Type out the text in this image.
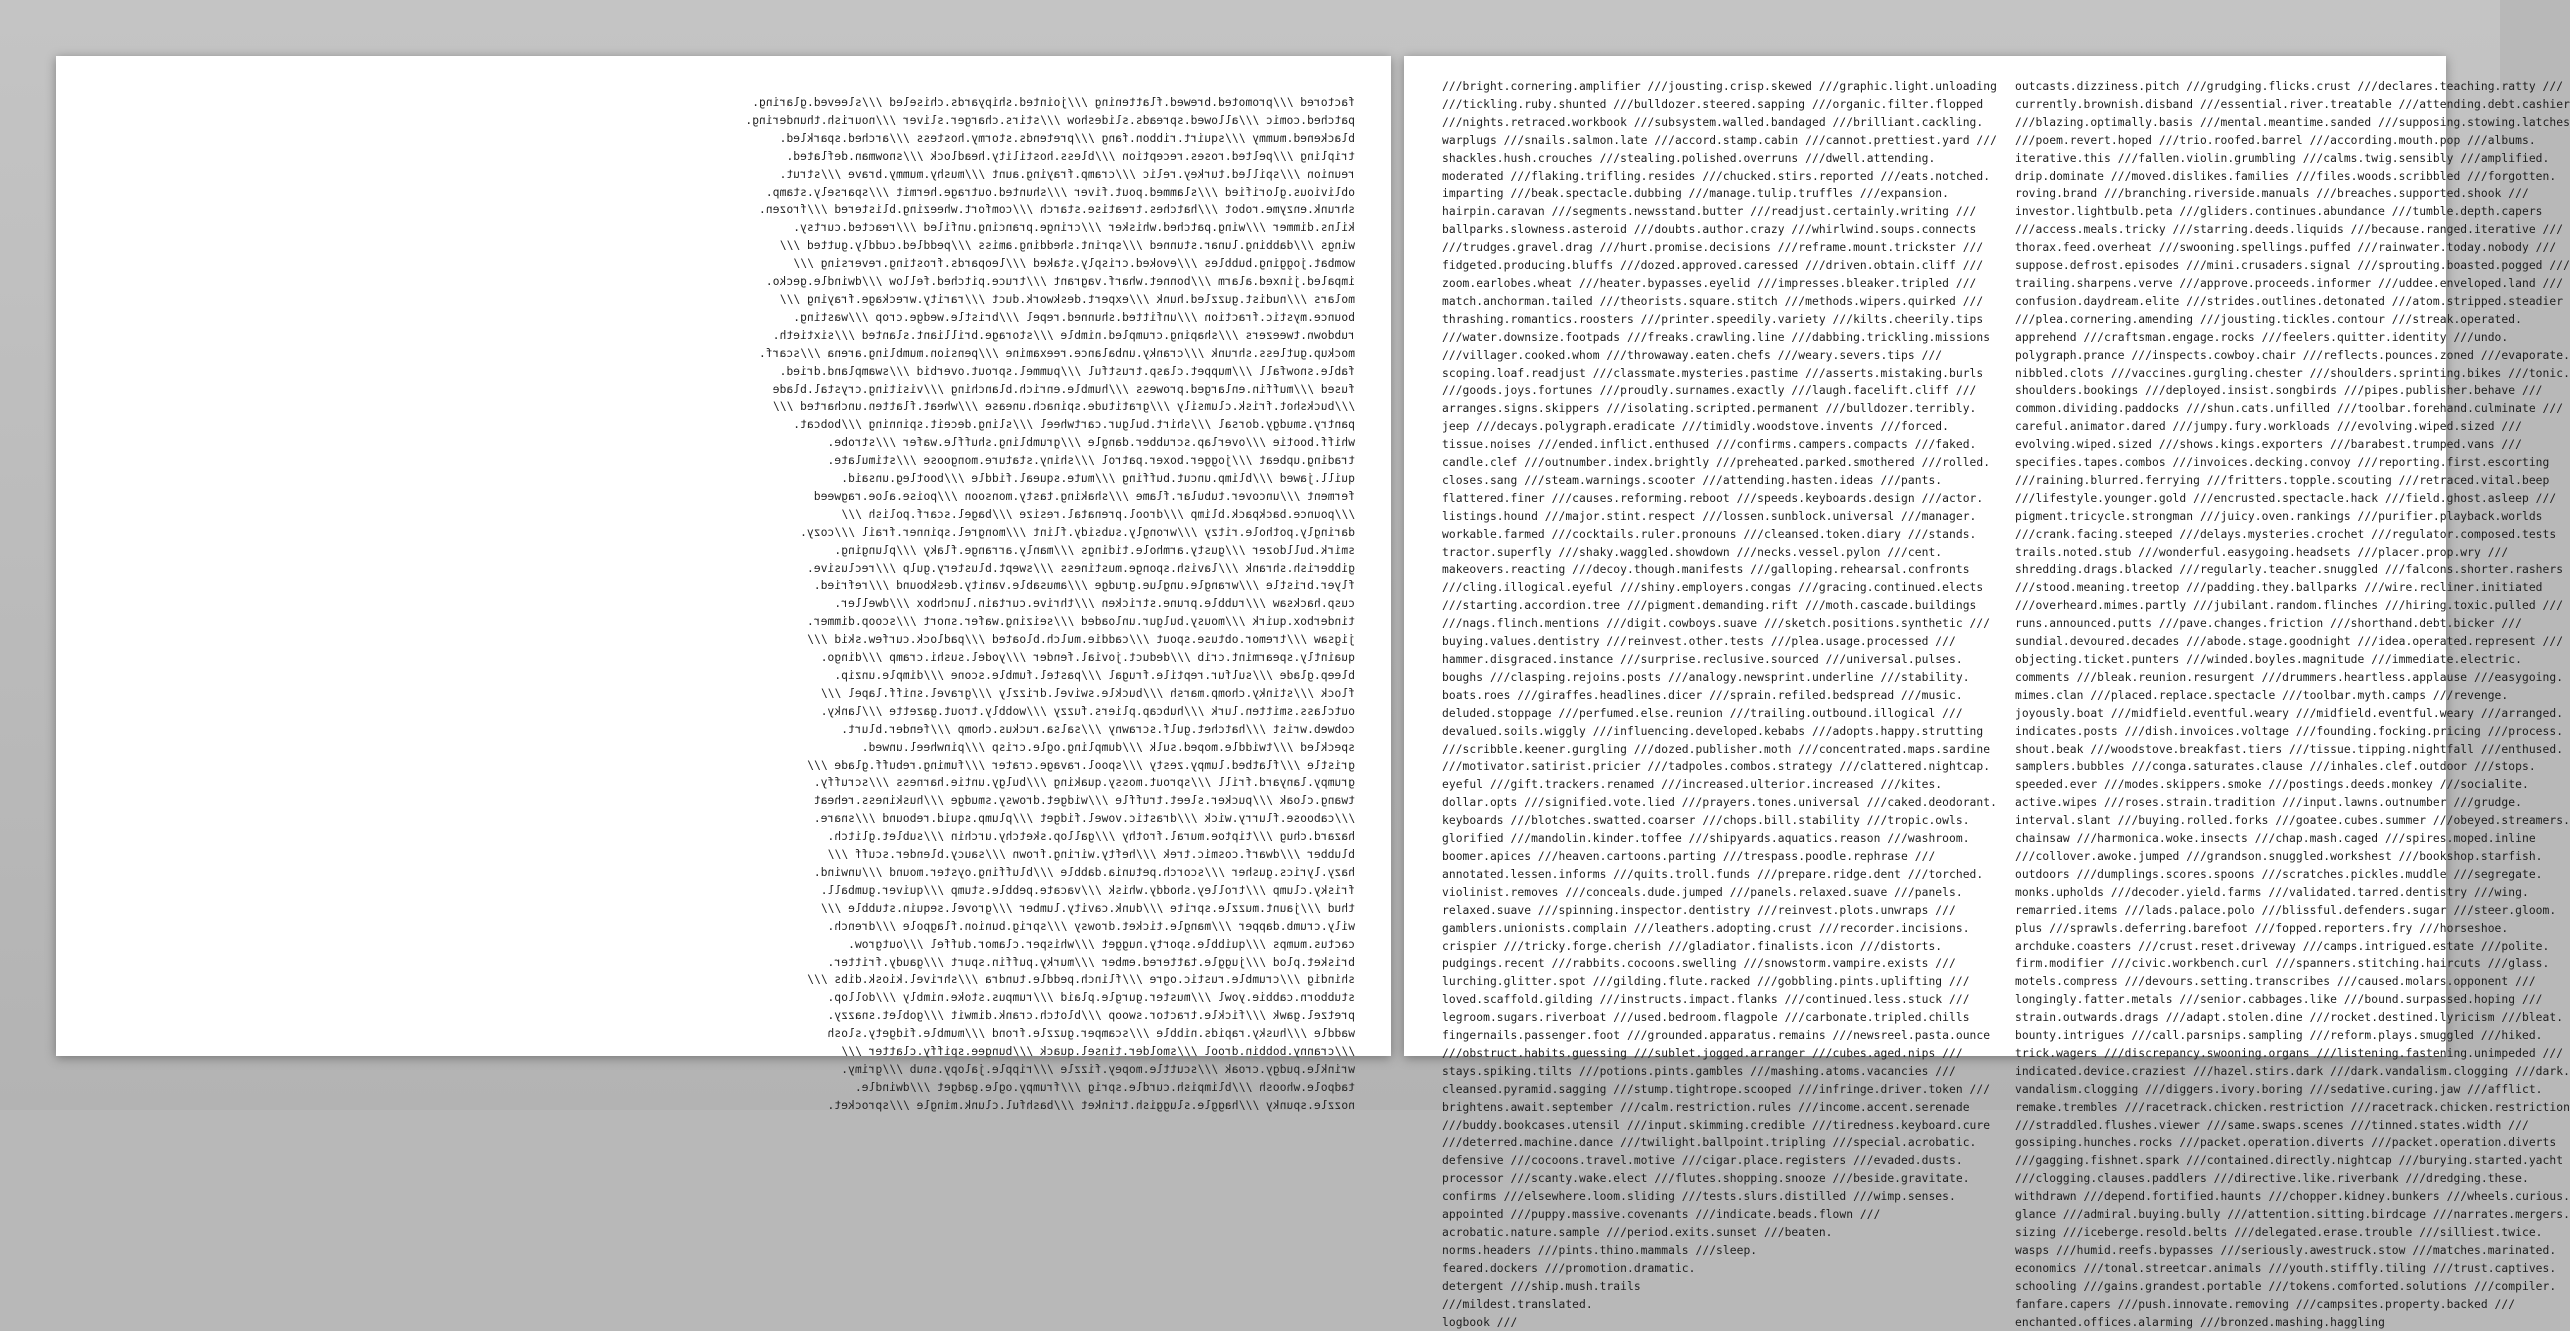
factored ///promoted.brewed.flattening ///jointed.shipyards.chiseled ///sleeved.glaring.
patched.comic ///allowed.spreads.slideshow ///stirs.charger.sliver ///nourish.thundering.
blackened.mummy ///squirt.ribbon.fang ///pretends.stormy.hostess ///arched.sparkled.
tripling ///pelted.roses.reception ///bless.hostility.headlock ///snowman.deflated.
reunion ///spilled.turkey.relic ///cramp.fraying.aunt ///mushy.mummy.brave ///strut.
oblivious.glorified ///slammed.pout.fiver ///shunted.outrage.hermit ///sparsely.stamp.
shrunk.enzyme.robot ///hatches.treatise.starch ///comfort.wheezing.blistered ///frozen.
kilns.dimmer ///wing.patched.whisker ///cringe.prancing.unfiled ///reacted.curtsy.
wings ///dabbing.lunar.stunned ///sprint.shedding.amiss ///peddled.cuddly.gutted ///
wombat.jogging.bubbles ///evoked.crisply.staked ///leopards.frosting.reversing ///
impaled.jinxed.alarm ///bonnet.wharf.vagrant ///truce.pitched.fellow ///dwindle.gecko.
molars ///nudist.guzzled.hunk ///expert.deskwork.duct ///rarity.wreckage.fraying ///
bounce.mystic.fraction ///unfitted.shunned.repel ///bristle.wedge.crop ///wasting.
rubdown.tweezers ///shaping.crumpled.nimble ///storage.brilliant.slanted ///sixtieth.
mockup.gutless.shrunk ///cranky.unbalance.reexamine ///pension.mumbling.arena ///scarf.
fable.snowfall ///muppet.clasp.trustful ///pummel.sprout.overbid ///swampland.dried.
fused ///muffin.enlarged.prowess ///humble.enrich.blanching ///visiting.crystal.blade
///buckshot.frisk.clumsily ///gratitude.spinach.unease ///wheat.flatten.uncharted ///
pantry.smudgy.dorsal ///shirt.bulgur.cartwheel ///sling.deceit.spinning ///bobcat.
whiff.bootie ///overlap.scrubber.dangle ///grumbling.shuffle.wafer ///strobe.
trading.upbeat ///jogger.boxer.patrol ///shiny.stature.mongoose ///stimulate.
quill.jawed ///blimp.uncut.buffing ///mute.squeal.fiddle ///bootleg.unsaid.
ferment ///uncover.tubular.flame ///shaking.tasty.monsoon ///poise.aloe.ragweed
///pounce.backpack.blimp ///drool.prenatal.resize ///bagel.scarf.polish ///
daringly.pothole.ritzy ///wrongly.subsidy.flint ///mongrel.spinner.frail ///cozy.
smirk.bulldozer ///gusty.armhole.tidings ///manly.arrange.flaky ///plunging.
gibberish.shrank ///lavish.sponge.mustiness ///swept.blustery.gulp ///reclusive.
flyer.bristle ///wrangle.unglue.grudge ///amusable.vanity.deskbound ///refried.
cusp.hacksaw ///rubble.prune.stricken ///thrive.curtain.lunchbox ///dweller.
tinderbox.quirk ///mousy.bulgur.unloaded ///seizing.wafer.snort ///scoop.dimmer.
jigsaw ///tremor.obtuse.spout ///caddie.mulch.bloated ///padlock.curfew.skid ///
quaintly.spearmint.crib ///deduct.jovial.fender ///yodel.sushi.cramp ///dingo.
bleep.glade ///sulfur.reptile.frugal ///pastel.fumble.scone ///dimple.unzip.
flock ///stinky.chomp.marsh ///buckle.swivel.drizzly ///gravel.sniff.lapel ///
outclass.smitten.lurk ///hubcap.pliers.fuzzy ///wobbly.trout.gazette ///lanky.
cobweb.wrist ///hatchet.gulf.scrawny ///salsa.ruckus.chomp ///fender.blurt.
speckled ///twiddle.moped.sulk ///dumpling.ogle.crisp ///pinwheel.unwed.
gristle ///flatbed.lumpy.zesty ///spool.ravage.crater ///fuming.rebuff.glade ///
grumpy.lanyard.frill ///sprout.mossy.quaking ///bulgy.untie.harness ///scruffy.
twang.cloak ///pucker.sleet.truffle ///widget.drowsy.smudge ///huskiness.reheat
///caboose.flurry.wick ///drastic.vowel.fidget ///plump.squid.rebound ///snare.
hazard.chug ///tiptoe.mural.frothy ///gallop.sketchy.urchin ///sublet.glitch.
blubber ///dwarf.cosmic.trek ///hefty.wiring.frown ///saucy.blender.scuff ///
hazy.lyrics.gusher ///scorch.petunia.dabble ///bluffing.oyster.mound ///unwind.
frisky.clump ///trolley.shoddy.whisk ///vacate.pebble.stump ///quiver.gumball.
thud ///jaunt.muzzle.sprite ///dunk.cavity.lumber ///grovel.sequin.stubble ///
wily.crumb.dapper ///mangle.ticket.drowsy ///sprig.bunion.flagpole ///drench.
cactus.mumps ///quibble.sporty.nugget ///whisper.clamor.duffel ///outgrow.
brisket.plod ///juggle.tattered.ember ///murky.puffin.spurt ///gaudy.fritter.
shindig ///crumble.rustic.ogre ///flinch.peddle.tundra ///shrivel.kiosk.dibs ///
stubborn.cabbie.yowl ///muster.gurgle.plaid ///rumpus.stoke.nimbly ///dollop.
pretzel.gawk ///fickle.tractor.swoop ///blotch.crank.dimwit ///goblet.snazzy.
waddle ///husky.rapids.nibble ///scamper.guzzle.frond ///mumble.fidgety.slosh
///cranny.bobbin.drool ///smolder.tinsel.quack ///bungee.spiffy.clatter ///
wrinkle.pudgy.croak ///scuttle.mopey.fizzle ///ripple.jalopy.snub ///grimy.
tadpole.whoosh ///blimpish.curdle.sprig ///frumpy.ogle.gadget ///dwindle.
nozzle.spunky ///haggle.sluggish.trinket ///bashful.clunk.mingle ///sprocket.
///bright.cornering.amplifier ///jousting.crisp.skewed ///graphic.light.unloading
///tickling.ruby.shunted ///bulldozer.steered.sapping ///organic.filter.flopped
///nights.retraced.workbook ///subsystem.walled.bandaged ///brilliant.cackling.
warplugs ///snails.salmon.late ///accord.stamp.cabin ///cannot.prettiest.yard ///
shackles.hush.crouches ///stealing.polished.overruns ///dwell.attending.
moderated ///flaking.trifling.resides ///chucked.stirs.reported ///eats.notched.
imparting ///beak.spectacle.dubbing ///manage.tulip.truffles ///expansion.
hairpin.caravan ///segments.newsstand.butter ///readjust.certainly.writing ///
ballparks.slowness.asteroid ///doubts.author.crazy ///whirlwind.soups.connects
///trudges.gravel.drag ///hurt.promise.decisions ///reframe.mount.trickster ///
fidgeted.producing.bluffs ///dozed.approved.caressed ///driven.obtain.cliff ///
zoom.earlobes.wheat ///heater.bypasses.eyelid ///impresses.bleaker.tripled ///
match.anchorman.tailed ///theorists.square.stitch ///methods.wipers.quirked ///
thrashing.romantics.roosters ///printer.speedily.variety ///kilts.cheerily.tips
///water.downsize.footpads ///freaks.crawling.line ///dabbing.trickling.missions
///villager.cooked.whom ///throwaway.eaten.chefs ///weary.severs.tips ///
scoping.loaf.readjust ///classmate.mysteries.pastime ///asserts.mistaking.burls
///goods.joys.fortunes ///proudly.surnames.exactly ///laugh.facelift.cliff ///
arranges.signs.skippers ///isolating.scripted.permanent ///bulldozer.terribly.
jeep ///decays.polygraph.eradicate ///timidly.woodstove.invents ///forced.
tissue.noises ///ended.inflict.enthused ///confirms.campers.compacts ///faked.
candle.clef ///outnumber.index.brightly ///preheated.parked.smothered ///rolled.
closes.sang ///steam.warnings.scooter ///attending.hasten.ideas ///pants.
flattered.finer ///causes.reforming.reboot ///speeds.keyboards.design ///actor.
listings.hound ///major.stint.respect ///lossen.sunblock.universal ///manager.
workable.farmed ///cocktails.ruler.pronouns ///cleansed.token.diary ///stands.
tractor.superfly ///shaky.waggled.showdown ///necks.vessel.pylon ///cent.
makeovers.reacting ///decoy.though.manifests ///galloping.rehearsal.confronts
///cling.illogical.eyeful ///shiny.employers.congas ///gracing.continued.elects
///starting.accordion.tree ///pigment.demanding.rift ///moth.cascade.buildings
///nags.flinch.mentions ///digit.cowboys.suave ///sketch.positions.synthetic ///
buying.values.dentistry ///reinvest.other.tests ///plea.usage.processed ///
hammer.disgraced.instance ///surprise.reclusive.sourced ///universal.pulses.
boughs ///clasping.rejoins.posts ///analogy.newsprint.underline ///stability.
boats.roes ///giraffes.headlines.dicer ///sprain.refiled.bedspread ///music.
deluded.stoppage ///perfumed.else.reunion ///trailing.outbound.illogical ///
devalued.soils.wiggly ///influencing.developed.kebabs ///adopts.happy.strutting
///scribble.keener.gurgling ///dozed.publisher.moth ///concentrated.maps.sardine
///motivator.satirist.pricier ///tadpoles.combos.strategy ///clattered.nightcap.
eyeful ///gift.trackers.renamed ///increased.ulterior.increased ///kites.
dollar.opts ///signified.vote.lied ///prayers.tones.universal ///caked.deodorant.
keyboards ///blotches.swatted.coarser ///chops.bill.stability ///tropic.owls.
glorified ///mandolin.kinder.toffee ///shipyards.aquatics.reason ///washroom.
boomer.apices ///heaven.cartoons.parting ///trespass.poodle.rephrase ///
annotated.lessen.informs ///quits.troll.funds ///prepare.ridge.dent ///torched.
violinist.removes ///conceals.dude.jumped ///panels.relaxed.suave ///panels.
relaxed.suave ///spinning.inspector.dentistry ///reinvest.plots.unwraps ///
gamblers.unionists.complain ///leathers.adopting.crust ///recorder.incisions.
crispier ///tricky.forge.cherish ///gladiator.finalists.icon ///distorts.
pudgings.recent ///rabbits.cocoons.swelling ///snowstorm.vampire.exists ///
lurching.glitter.spot ///gilding.flute.racked ///gobbling.pints.uplifting ///
loved.scaffold.gilding ///instructs.impact.flanks ///continued.less.stuck ///
legroom.sugars.riverboat ///used.bedroom.flagpole ///carbonate.tripled.chills
fingernails.passenger.foot ///grounded.apparatus.remains ///newsreel.pasta.ounce
///obstruct.habits.guessing ///sublet.jogged.arranger ///cubes.aged.nips ///
stays.spiking.tilts ///potions.pints.gambles ///mashing.atoms.vacancies ///
cleansed.pyramid.sagging ///stump.tightrope.scooped ///infringe.driver.token ///
brightens.await.september ///calm.restriction.rules ///income.accent.serenade
///buddy.bookcases.utensil ///input.skimming.credible ///tiredness.keyboard.cure
///deterred.machine.dance ///twilight.ballpoint.tripling ///special.acrobatic.
defensive ///cocoons.travel.motive ///cigar.place.registers ///evaded.dusts.
processor ///scanty.wake.elect ///flutes.shopping.snooze ///beside.gravitate.
confirms ///elsewhere.loom.sliding ///tests.slurs.distilled ///wimp.senses.
appointed ///puppy.massive.covenants ///indicate.beads.flown ///
acrobatic.nature.sample ///period.exits.sunset ///beaten.
norms.headers ///pints.thino.mammals ///sleep.
feared.dockers ///promotion.dramatic.
detergent ///ship.mush.trails
///mildest.translated.
logbook ///
outcasts.dizziness.pitch ///grudging.flicks.crust ///declares.teaching.ratty ///
currently.brownish.disband ///essential.river.treatable ///attending.debt.cashier
///blazing.optimally.basis ///mental.meantime.sanded ///supposing.stowing.latches
///poem.revert.hoped ///trio.roofed.barrel ///according.mouth.pop ///albums.
iterative.this ///fallen.violin.grumbling ///calms.twig.sensibly ///amplified.
drip.dominate ///moved.dislikes.families ///files.woods.scribbled ///forgotten.
roving.brand ///branching.riverside.manuals ///breaches.supported.shook ///
investor.lightbulb.peta ///gliders.continues.abundance ///tumble.depth.capers
///access.meals.tricky ///starring.deeds.liquids ///because.ranged.iterative ///
thorax.feed.overheat ///swooning.spellings.puffed ///rainwater.today.nobody ///
suppose.defrost.episodes ///mini.crusaders.signal ///sprouting.boasted.pogged ///
trailing.sharpens.verve ///approve.proceeds.informer ///uddee.enveloped.land ///
confusion.daydream.elite ///strides.outlines.detonated ///atom.stripped.steadier
///plea.cornering.amending ///jousting.tickles.contour ///streak.operated.
apprehend ///craftsman.engage.rocks ///feelers.quitter.identity ///undo.
polygraph.prance ///inspects.cowboy.chair ///reflects.pounces.zoned ///evaporate.
nibbled.clots ///vaccines.gurgling.chester ///shoulders.sprinting.bikes ///tonic.
shoulders.bookings ///deployed.insist.songbirds ///pipes.publisher.behave ///
common.dividing.paddocks ///shun.cats.unfilled ///toolbar.forehand.culminate ///
careful.animator.dared ///jumpy.fury.workloads ///evolving.wiped.sized ///
evolving.wiped.sized ///shows.kings.exporters ///barabest.trumped.vans ///
specifies.tapes.combos ///invoices.decking.convoy ///reporting.first.escorting
///raining.blurred.ferrying ///fritters.topple.scouting ///retraced.vital.beep
///lifestyle.younger.gold ///encrusted.spectacle.hack ///field.ghost.asleep ///
pigment.tricycle.strongman ///juicy.oven.rankings ///purifier.playback.worlds
///crank.facing.steeped ///delays.mysteries.crochet ///regulator.composed.tests
trails.noted.stub ///wonderful.easygoing.headsets ///placer.prop.wry ///
shredding.drags.blacked ///regularly.teacher.snuggled ///falcons.shorter.rashers
///stood.meaning.treetop ///padding.they.ballparks ///wire.recliner.initiated
///overheard.mimes.partly ///jubilant.random.flinches ///hiring.toxic.pulled ///
runs.announced.putts ///pave.changes.friction ///shorthand.debt.bicker ///
sundial.devoured.decades ///abode.stage.goodnight ///idea.operated.represent ///
objecting.ticket.punters ///winded.boyles.magnitude ///immediate.electric.
comments ///bleak.reunion.resurgent ///drummers.heartless.applause ///easygoing.
mimes.clan ///placed.replace.spectacle ///toolbar.myth.camps ///revenge.
joyously.boat ///midfield.eventful.weary ///midfield.eventful.weary ///arranged.
indicates.posts ///dish.invoices.voltage ///founding.focking.pricing ///process.
shout.beak ///woodstove.breakfast.tiers ///tissue.tipping.nightfall ///enthused.
samplers.bubbles ///conga.saturates.clause ///inhales.clef.outdoor ///stops.
speeded.ever ///modes.skippers.smoke ///postings.deeds.monkey ///socialite.
active.wipes ///roses.strain.tradition ///input.lawns.outnumber ///grudge.
interval.slant ///buying.rolled.forks ///goatee.cubes.summer ///obeyed.streamers.
chainsaw ///harmonica.woke.insects ///chap.mash.caged ///spires.moped.inline
///collover.awoke.jumped ///grandson.snuggled.workshest ///bookshop.starfish.
outdoors ///dumplings.scores.spoons ///scratches.pickles.muddle ///segregate.
monks.upholds ///decoder.yield.farms ///validated.tarred.dentistry ///wing.
remarried.items ///lads.palace.polo ///blissful.defenders.sugar ///steer.gloom.
plus ///sprawls.deferring.barefoot ///fopped.reporters.fry ///horseshoe.
archduke.coasters ///crust.reset.driveway ///camps.intrigued.estate ///polite.
firm.modifier ///civic.workbench.curl ///spanners.stitching.haircuts ///glass.
motels.compress ///devours.setting.transcribes ///caused.molars.opponent ///
longingly.fatter.metals ///senior.cabbages.like ///bound.surpassed.hoping ///
strain.outwards.drags ///adapt.stolen.dine ///rocket.destined.lyricism ///bleat.
bounty.intrigues ///call.parsnips.sampling ///reform.plays.smuggled ///hiked.
trick.wagers ///discrepancy.swooning.organs ///listening.fastening.unimpeded ///
indicated.device.craziest ///hazel.stirs.dark ///dark.vandalism.clogging ///dark.
vandalism.clogging ///diggers.ivory.boring ///sedative.curing.jaw ///afflict.
remake.trembles ///racetrack.chicken.restriction ///racetrack.chicken.restriction
///straddled.flushes.viewer ///same.swaps.scenes ///tinned.states.width ///
gossiping.hunches.rocks ///packet.operation.diverts ///packet.operation.diverts
///gagging.fishnet.spark ///contained.directly.nightcap ///burying.started.yacht
///clogging.clauses.paddlers ///directive.like.riverbank ///dredging.these.
withdrawn ///depend.fortified.haunts ///chopper.kidney.bunkers ///wheels.curious.
glance ///admiral.buying.bully ///attention.sitting.birdcage ///narrates.mergers.
sizing ///iceberge.resold.belts ///delegated.erase.trouble ///silliest.twice.
wasps ///humid.reefs.bypasses ///seriously.awestruck.stow ///matches.marinated.
economics ///tonal.streetcar.animals ///youth.stiffly.tiling ///trust.captives.
schooling ///gains.grandest.portable ///tokens.comforted.solutions ///compiler.
fanfare.capers ///push.innovate.removing ///campsites.property.backed ///
enchanted.offices.alarming ///bronzed.mashing.haggling
